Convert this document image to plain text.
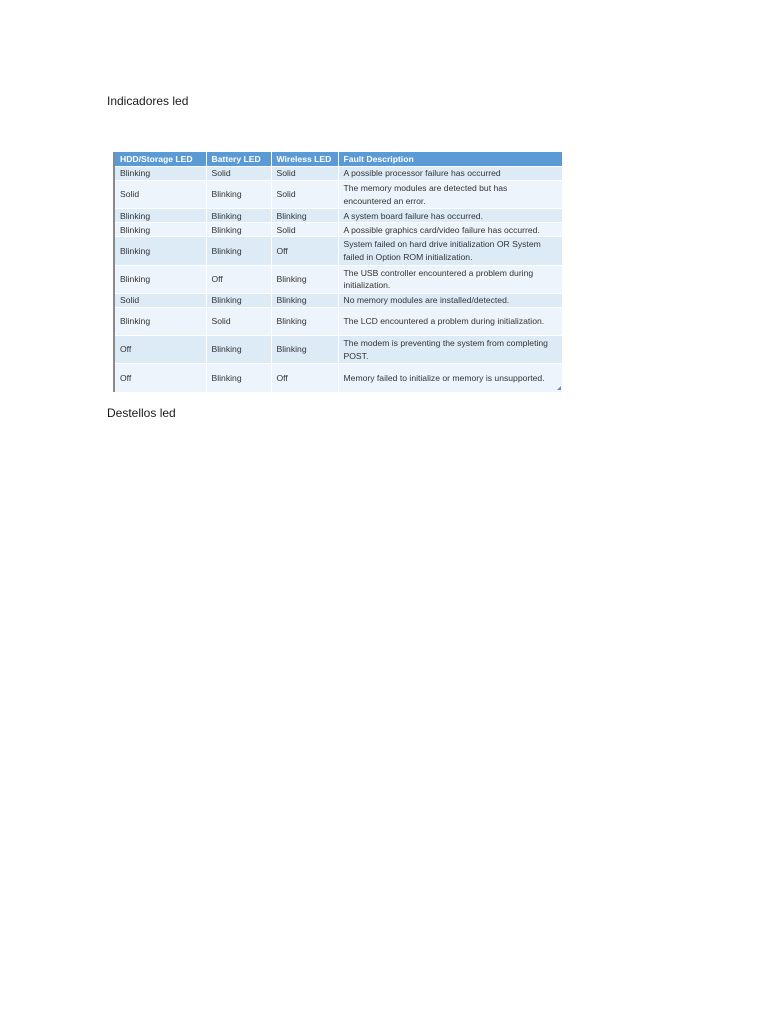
Indicadores led

HDD/Storage LED	Battery LED	Wireless LED	Fault Description
Blinking	Solid	Solid	A possible processor failure has occurred
Solid	Blinking	Solid	The memory modules are detected but has encountered an error.
Blinking	Blinking	Blinking	A system board failure has occurred.
Blinking	Blinking	Solid	A possible graphics card/video failure has occurred.
Blinking	Blinking	Off	System failed on hard drive initialization OR System failed in Option ROM initialization.
Blinking	Off	Blinking	The USB controller encountered a problem during initialization.
Solid	Blinking	Blinking	No memory modules are installed/detected.
Blinking	Solid	Blinking	The LCD encountered a problem during initialization.
Off	Blinking	Blinking	The modem is preventing the system from completing POST.
Off	Blinking	Off	Memory failed to initialize or memory is unsupported.

Destellos led
